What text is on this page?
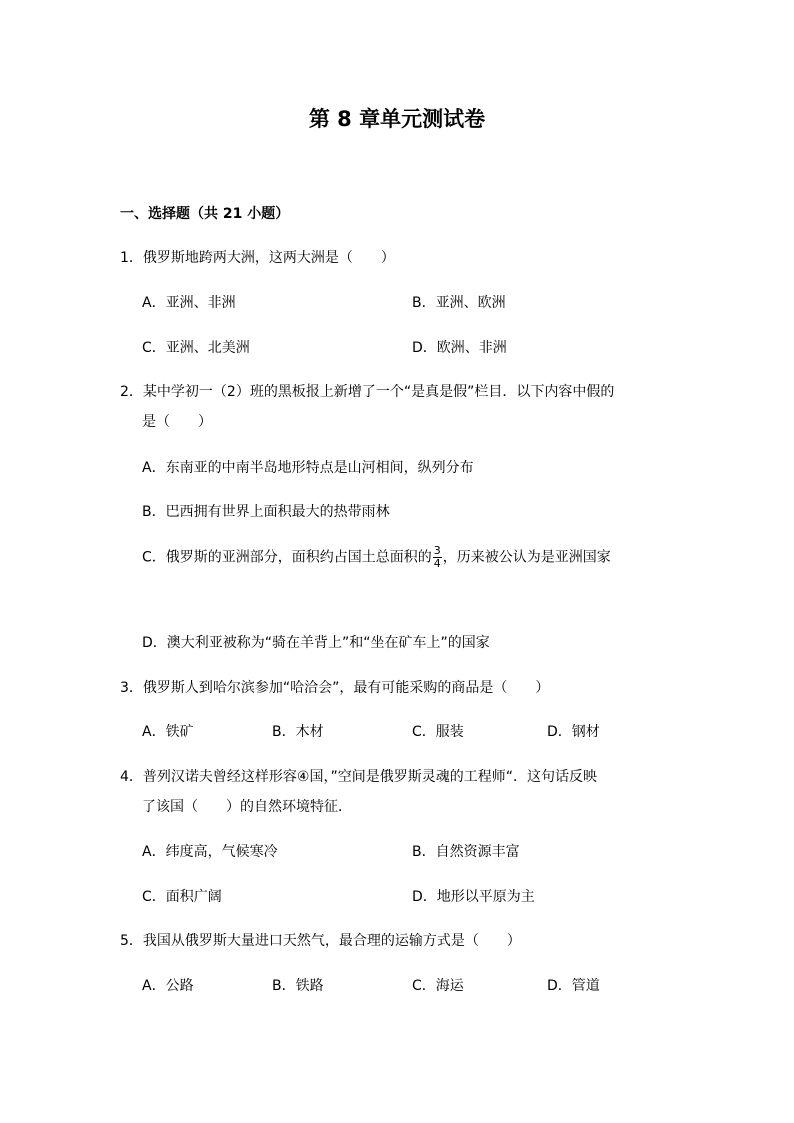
第 8 章单元测试卷
一、选择题（共 21 小题）
1．俄罗斯地跨两大洲，这两大洲是（　　）
A．亚洲、非洲	B．亚洲、欧洲
C．亚洲、北美洲	D．欧洲、非洲
2．某中学初一（2）班的黑板报上新增了一个“是真是假”栏目．以下内容中假的
是（　　）
A．东南亚的中南半岛地形特点是山河相间，纵列分布
B．巴西拥有世界上面积最大的热带雨林
C．俄罗斯的亚洲部分，面积约占国土总面积的 $\frac{3}{4}$ ，历来被公认为是亚洲国家
D．澳大利亚被称为“骑在羊背上”和“坐在矿车上”的国家
3．俄罗斯人到哈尔滨参加“哈洽会”，最有可能采购的商品是（　　）
A．铁矿	B．木材	C．服装	D．钢材
4．普列汉诺夫曾经这样形容④国，”空间是俄罗斯灵魂的工程师“．这句话反映
了该国（　　）的自然环境特征．
A．纬度高，气候寒冷	B．自然资源丰富
C．面积广阔	D．地形以平原为主
5．我国从俄罗斯大量进口天然气，最合理的运输方式是（　　）
A．公路	B．铁路	C．海运	D．管道
